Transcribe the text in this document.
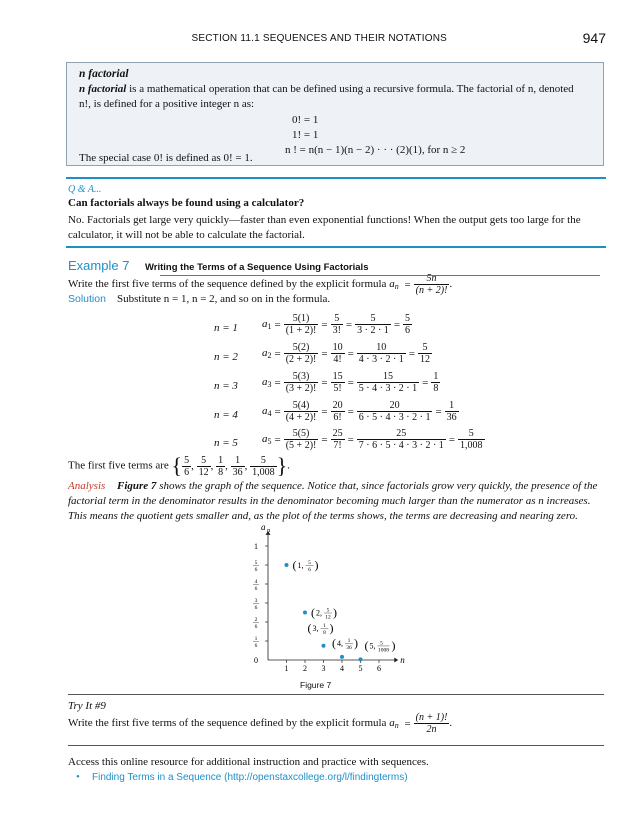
SECTION 11.1 SEQUENCES AND THEIR NOTATIONS	947
n factorial
n factorial is a mathematical operation that can be defined using a recursive formula. The factorial of n, denoted
n!, is defined for a positive integer n as:
0! = 1
1! = 1
n ! = n(n − 1)(n − 2) · · · (2)(1), for n ≥ 2
The special case 0! is defined as 0! = 1.
Q & A...
Can factorials always be found using a calculator?
No. Factorials get large very quickly—faster than even exponential functions! When the output gets too large for the
calculator, it will not be able to calculate the factorial.
Example 7 Writing the Terms of a Sequence Using Factorials
Write the first five terms of the sequence defined by the explicit formula $a_n = \frac{5n}{(n + 2)!}$ .
Solution Substitute n = 1, n = 2, and so on in the formula.
n = 1	$a_1 = \frac{5(1)}{(1 + 2)!} = \frac{5}{3!} = \frac{5}{3 \cdot 2 \cdot 1} = \frac{5}{6}$
n = 2	$a_2 = \frac{5(2)}{(2 + 2)!} = \frac{10}{4!} = \frac{10}{4 \cdot 3 \cdot 2 \cdot 1} = \frac{5}{12}$
n = 3	$a_3 = \frac{5(3)}{(3 + 2)!} = \frac{15}{5!} = \frac{15}{5 \cdot 4 \cdot 3 \cdot 2 \cdot 1} = \frac{1}{8}$
n = 4	$a_4 = \frac{5(4)}{(4 + 2)!} = \frac{20}{6!} = \frac{20}{6 \cdot 5 \cdot 4 \cdot 3 \cdot 2 \cdot 1} = \frac{1}{36}$
n = 5	$a_5 = \frac{5(5)}{(5 + 2)!} = \frac{25}{7!} = \frac{25}{7 \cdot 6 \cdot 5 \cdot 4 \cdot 3 \cdot 2 \cdot 1} = \frac{5}{1,008}$
The first five terms are { $\frac{5}{6}$ , $\frac{5}{12}$ , $\frac{1}{8}$ , $\frac{1}{36}$ , $\frac{5}{1,008}$ }.
Analysis Figure 7 shows the graph of the sequence. Notice that, since factorials grow very quickly, the presence of the
factorial term in the denominator results in the denominator becoming much larger than the numerator as n increases.
This means the quotient gets smaller and, as the plot of the terms shows, the terms are decreasing and nearing zero.
n
a n
0
1 2 3 4 5 6
1
6
2
6
3
6
4
6
5
6
1
( 1, 5
6 )
( 2, 5
12 )
( 3, 1
8 )
( 4, 1
36 ) ( 5, 5
1008 )
Figure 7
Try It #9
Write the first five terms of the sequence defined by the explicit formula $a_n = \frac{(n + 1)!}{2n}$ .
Access this online resource for additional instruction and practice with sequences.
• Finding Terms in a Sequence (http://openstaxcollege.org/l/findingterms)
